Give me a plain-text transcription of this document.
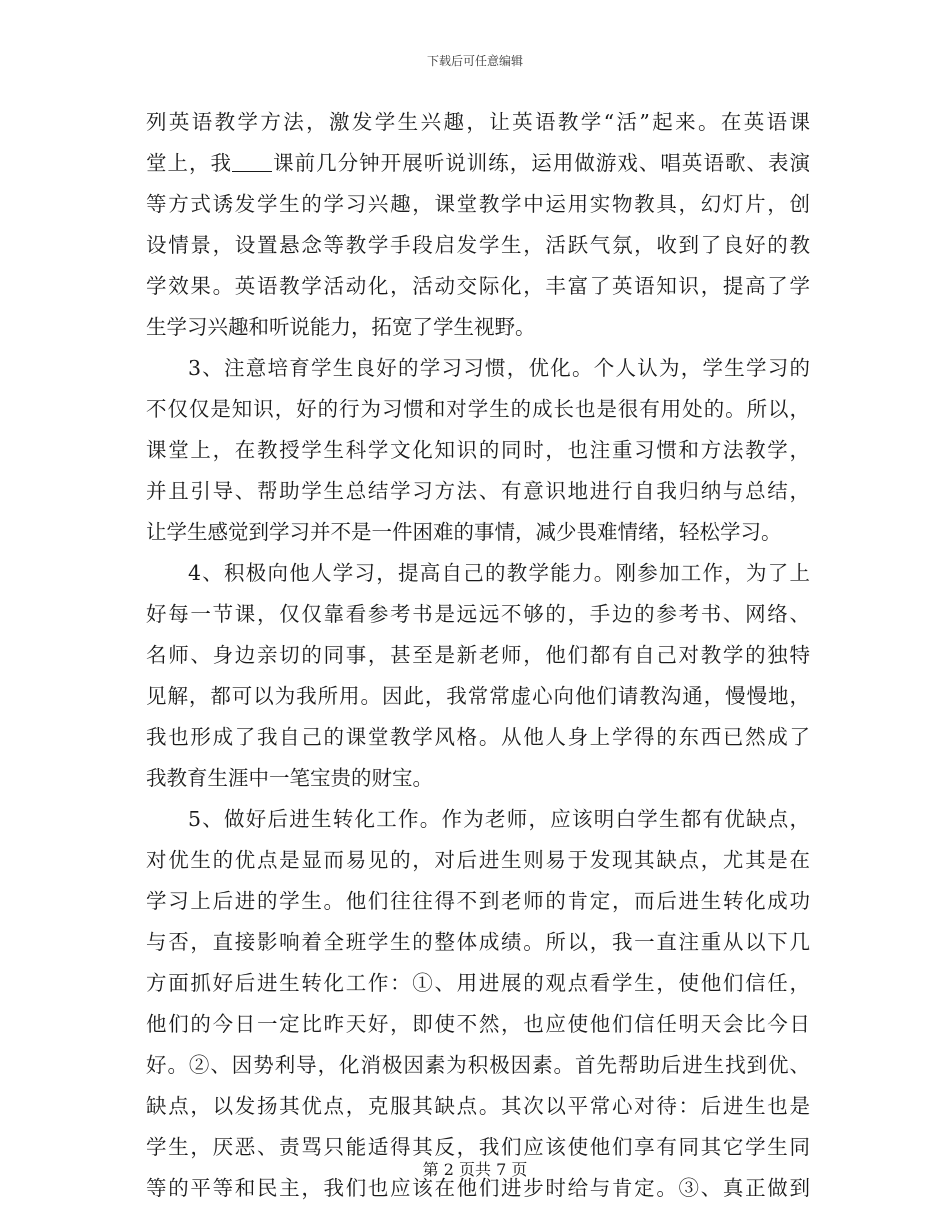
下载后可任意编辑
列英语教学方法，激发学生兴趣，让英语教学“活”起来。在英语课
堂上，我 课前几分钟开展听说训练，运用做游戏、唱英语歌、表演
等方式诱发学生的学习兴趣，课堂教学中运用实物教具，幻灯片，创
设情景，设置悬念等教学手段启发学生，活跃气氛，收到了良好的教
学效果。英语教学活动化，活动交际化，丰富了英语知识，提高了学
生学习兴趣和听说能力，拓宽了学生视野。
3、注意培育学生良好的学习习惯，优化。个人认为，学生学习的
不仅仅是知识，好的行为习惯和对学生的成长也是很有用处的。所以，
课堂上，在教授学生科学文化知识的同时，也注重习惯和方法教学，
并且引导、帮助学生总结学习方法、有意识地进行自我归纳与总结，
让学生感觉到学习并不是一件困难的事情，减少畏难情绪，轻松学习。
4、积极向他人学习，提高自己的教学能力。刚参加工作，为了上
好每一节课，仅仅靠看参考书是远远不够的，手边的参考书、网络、
名师、身边亲切的同事，甚至是新老师，他们都有自己对教学的独特
见解，都可以为我所用。因此，我常常虚心向他们请教沟通，慢慢地，
我也形成了我自己的课堂教学风格。从他人身上学得的东西已然成了
我教育生涯中一笔宝贵的财宝。
5、做好后进生转化工作。作为老师，应该明白学生都有优缺点，
对优生的优点是显而易见的，对后进生则易于发现其缺点，尤其是在
学习上后进的学生。他们往往得不到老师的肯定，而后进生转化成功
与否，直接影响着全班学生的整体成绩。所以，我一直注重从以下几
方面抓好后进生转化工作：①、用进展的观点看学生，使他们信任，
他们的今日一定比昨天好，即使不然，也应使他们信任明天会比今日
好。②、因势利导，化消极因素为积极因素。首先帮助后进生找到优、
缺点，以发扬其优点，克服其缺点。其次以平常心对待：后进生也是
学生，厌恶、责骂只能适得其反，我们应该使他们享有同其它学生同
等的平等和民主，我们也应该在他们进步时给与肯定。③、真正做到
第 2 页共 7 页
